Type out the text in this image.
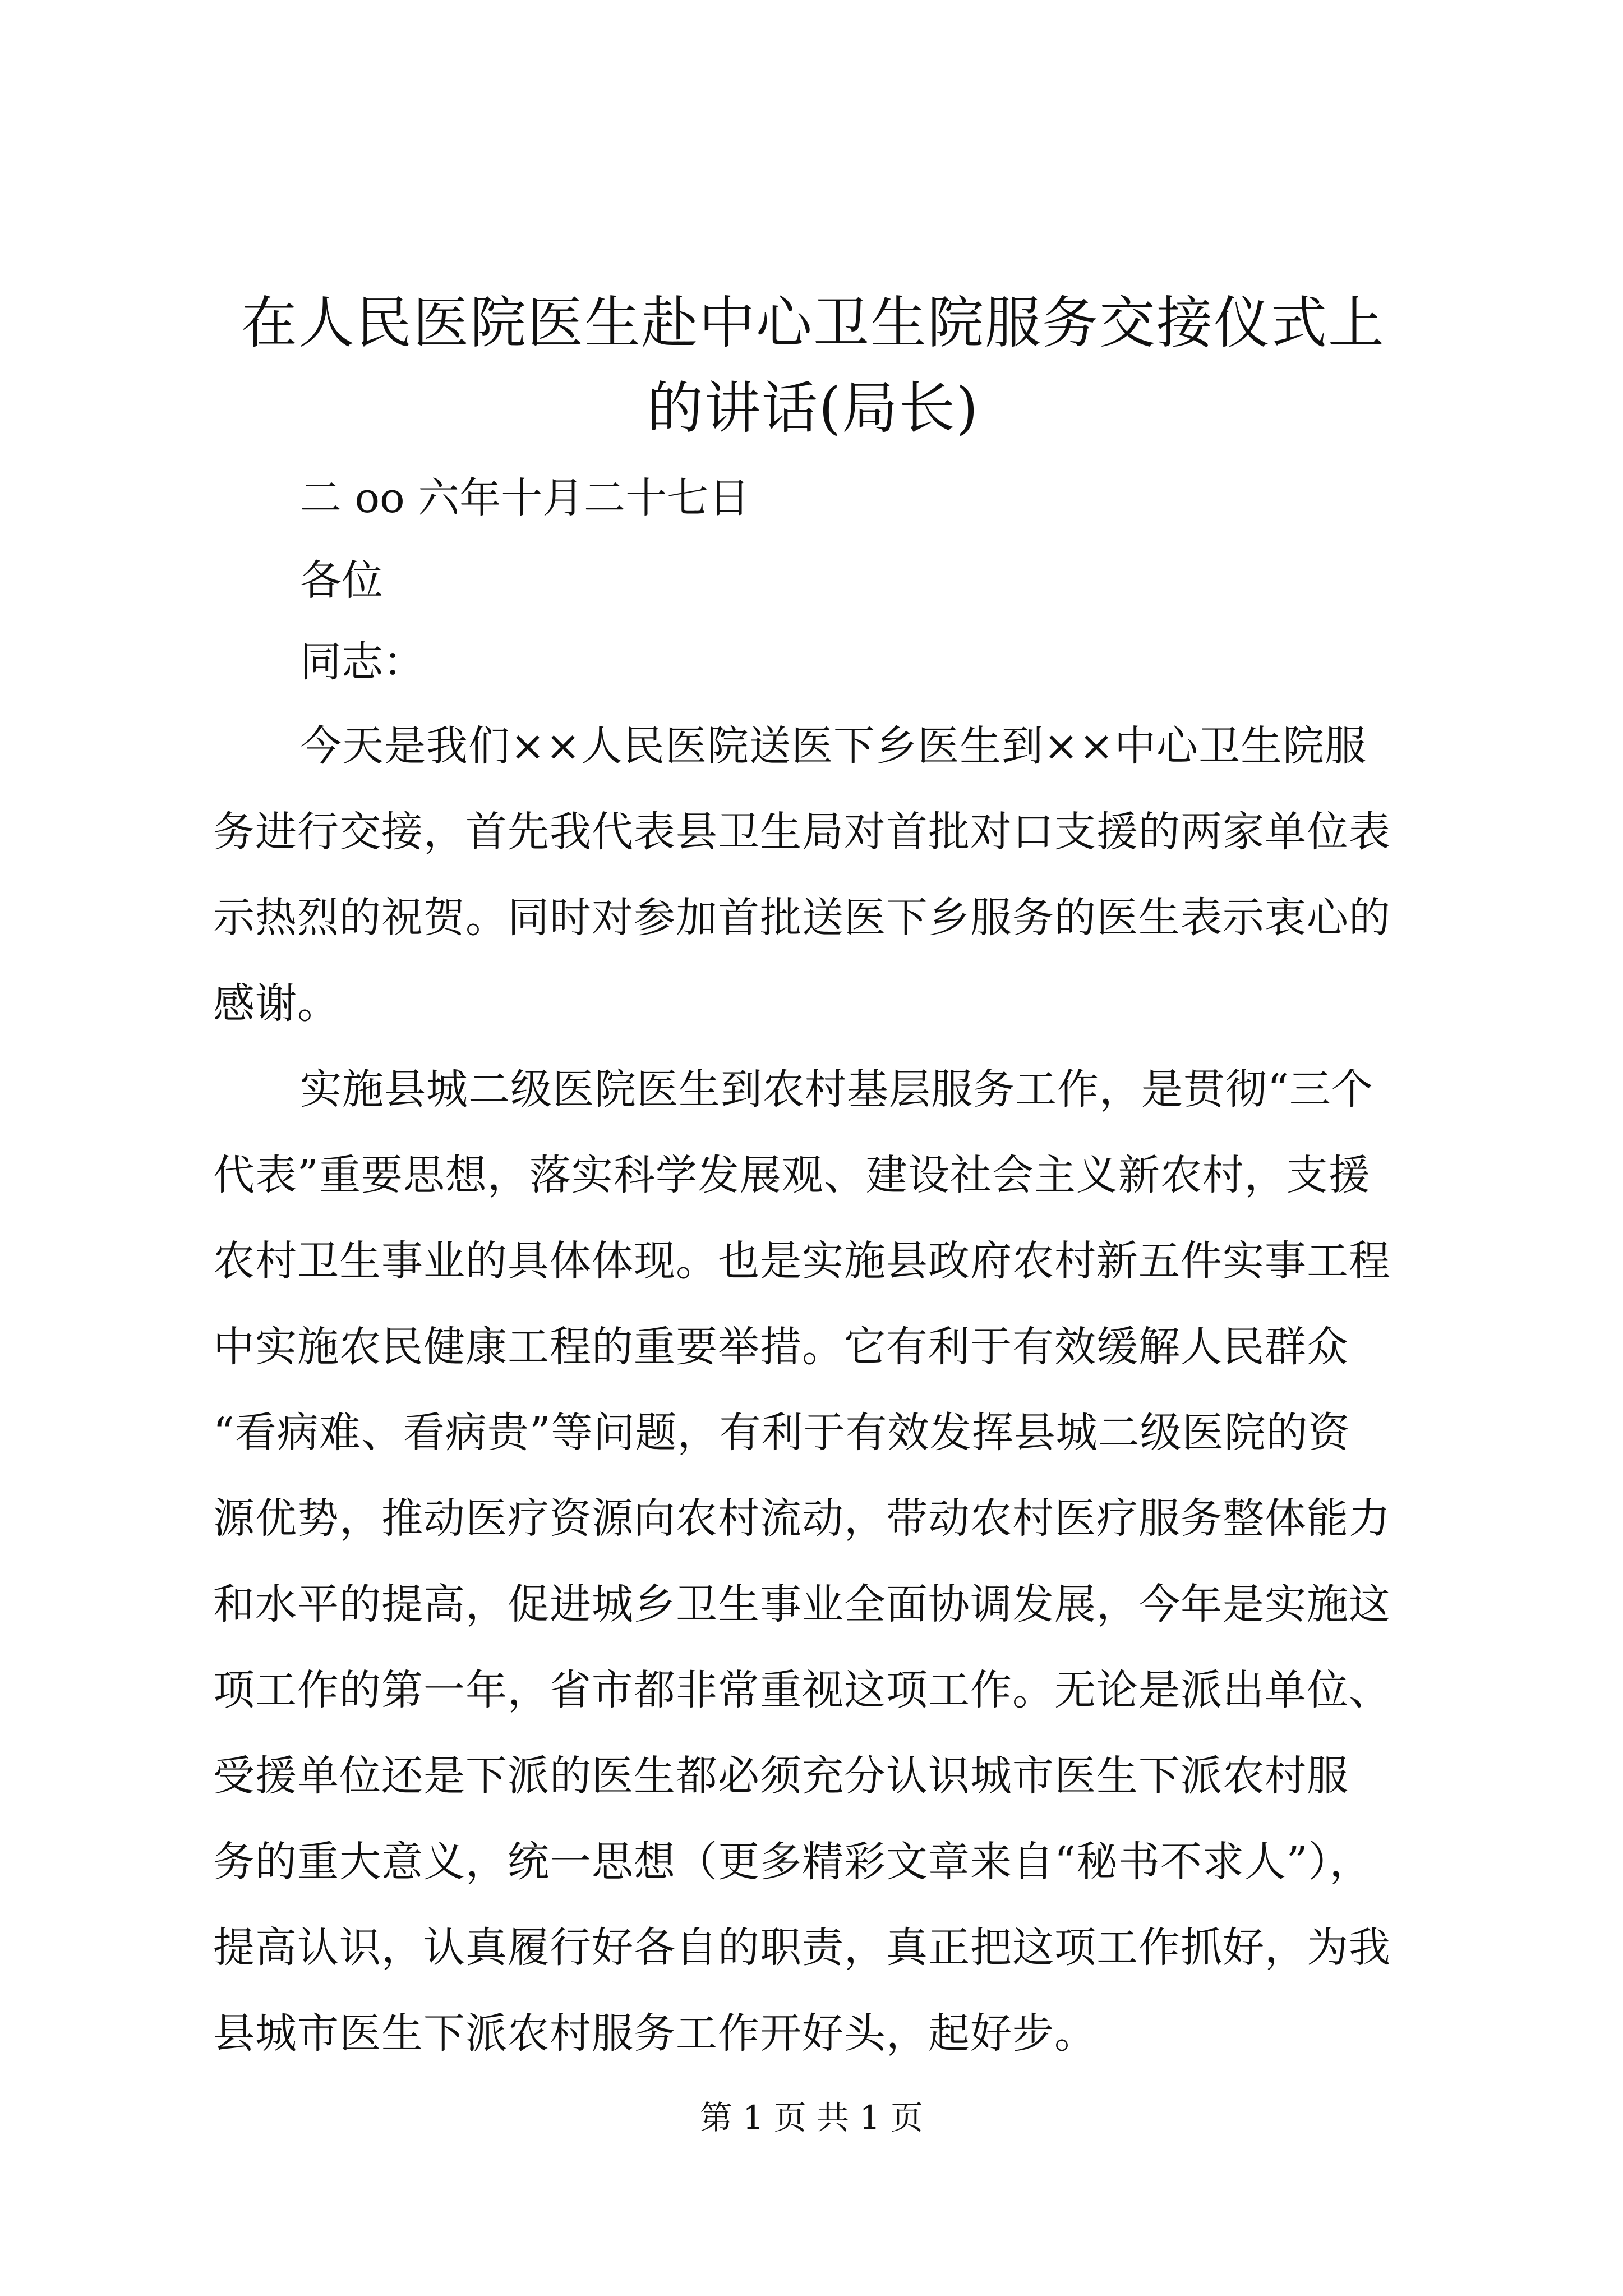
在人民医院医生赴中心卫生院服务交接仪式上
的讲话(局长)

二 oo 六年十月二十七日

各位

同志：

今天是我们××人民医院送医下乡医生到××中心卫生院服
务进行交接，首先我代表县卫生局对首批对口支援的两家单位表
示热烈的祝贺。同时对参加首批送医下乡服务的医生表示衷心的
感谢。
实施县城二级医院医生到农村基层服务工作，是贯彻“三个
代表”重要思想，落实科学发展观、建设社会主义新农村，支援
农村卫生事业的具体体现。也是实施县政府农村新五件实事工程
中实施农民健康工程的重要举措。它有利于有效缓解人民群众
“看病难、看病贵”等问题，有利于有效发挥县城二级医院的资
源优势，推动医疗资源向农村流动，带动农村医疗服务整体能力
和水平的提高，促进城乡卫生事业全面协调发展，今年是实施这
项工作的第一年，省市都非常重视这项工作。无论是派出单位、
受援单位还是下派的医生都必须充分认识城市医生下派农村服
务的重大意义，统一思想（更多精彩文章来自“秘书不求人”），
提高认识，认真履行好各自的职责，真正把这项工作抓好，为我
县城市医生下派农村服务工作开好头，起好步。
第 1 页 共 1 页
